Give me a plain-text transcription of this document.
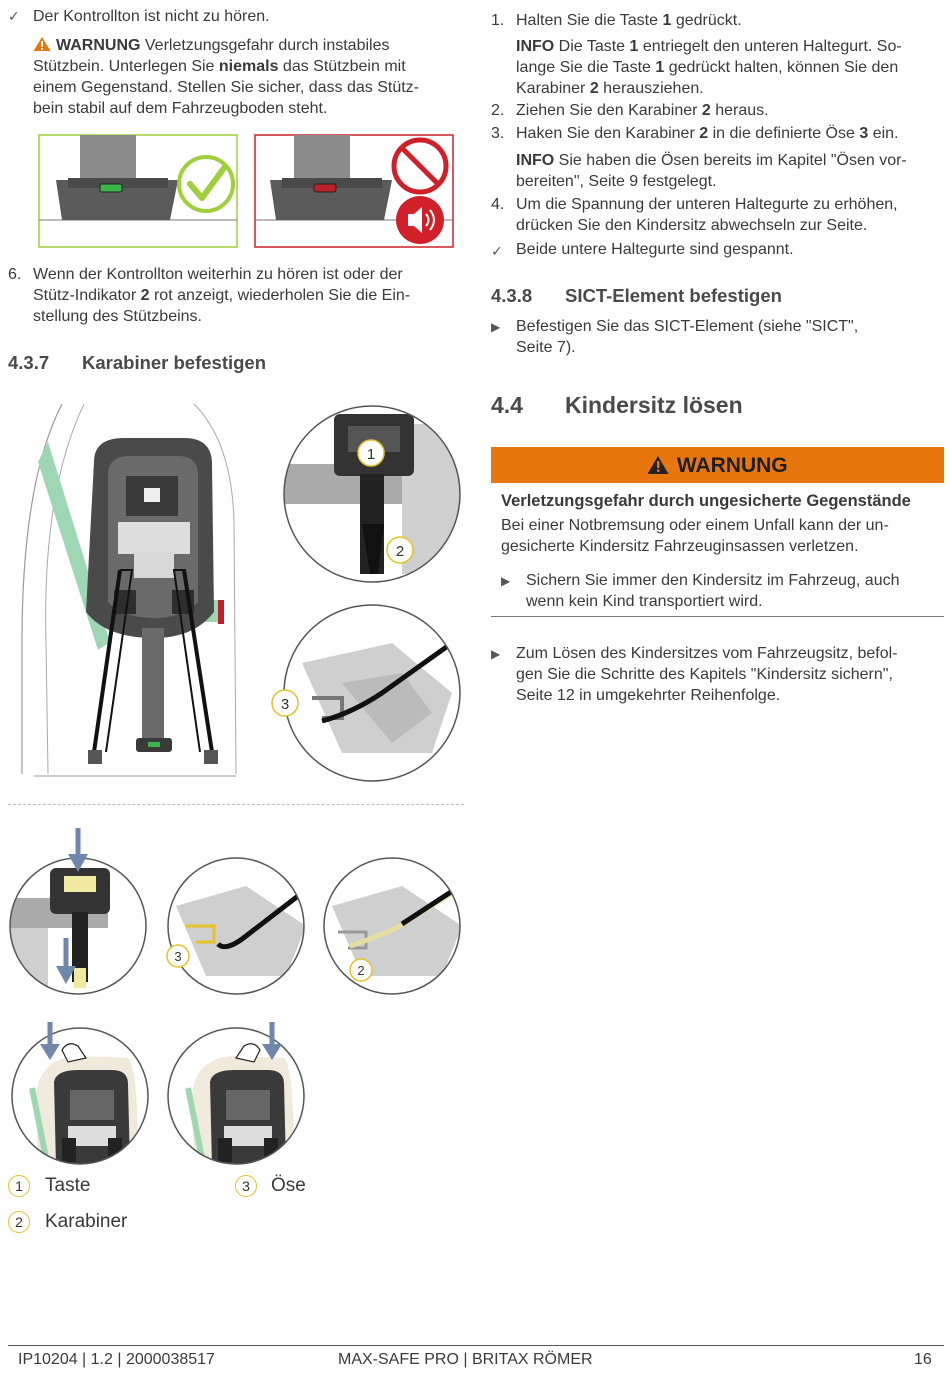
✓ Der Kontrollton ist nicht zu hören.
WARNUNG Verletzungsgefahr durch instabiles
Stützbein. Unterlegen Sie niemals das Stützbein mit
einem Gegenstand. Stellen Sie sicher, dass das Stütz-
bein stabil auf dem Fahrzeugboden steht.
6. Wenn der Kontrollton weiterhin zu hören ist oder der
Stütz-Indikator 2 rot anzeigt, wiederholen Sie die Ein-
stellung des Stützbeins.
4.3.7 Karabiner befestigen
1
2
3
3
2
1	Taste
2	Karabiner
3	Öse
1. Halten Sie die Taste 1 gedrückt.
INFO Die Taste 1 entriegelt den unteren Haltegurt. So-
lange Sie die Taste 1 gedrückt halten, können Sie den
Karabiner 2 herausziehen.
2. Ziehen Sie den Karabiner 2 heraus.
3. Haken Sie den Karabiner 2 in die definierte Öse 3 ein.
INFO Sie haben die Ösen bereits im Kapitel "Ösen vor-
bereiten", Seite 9 festgelegt.
4. Um die Spannung der unteren Haltegurte zu erhöhen,
drücken Sie den Kindersitz abwechseln zur Seite.
✓ Beide untere Haltegurte sind gespannt.
4.3.8 SICT-Element befestigen
▶ Befestigen Sie das SICT-Element (siehe "SICT",
Seite 7).
4.4 Kindersitz lösen
WARNUNG
Verletzungsgefahr durch ungesicherte Gegenstände
Bei einer Notbremsung oder einem Unfall kann der un-
gesicherte Kindersitz Fahrzeuginsassen verletzen.
▶ Sichern Sie immer den Kindersitz im Fahrzeug, auch
wenn kein Kind transportiert wird.
▶ Zum Lösen des Kindersitzes vom Fahrzeugsitz, befol-
gen Sie die Schritte des Kapitels "Kindersitz sichern",
Seite 12 in umgekehrter Reihenfolge.
IP10204 | 1.2 | 2000038517	MAX-SAFE PRO | BRITAX RÖMER	16
